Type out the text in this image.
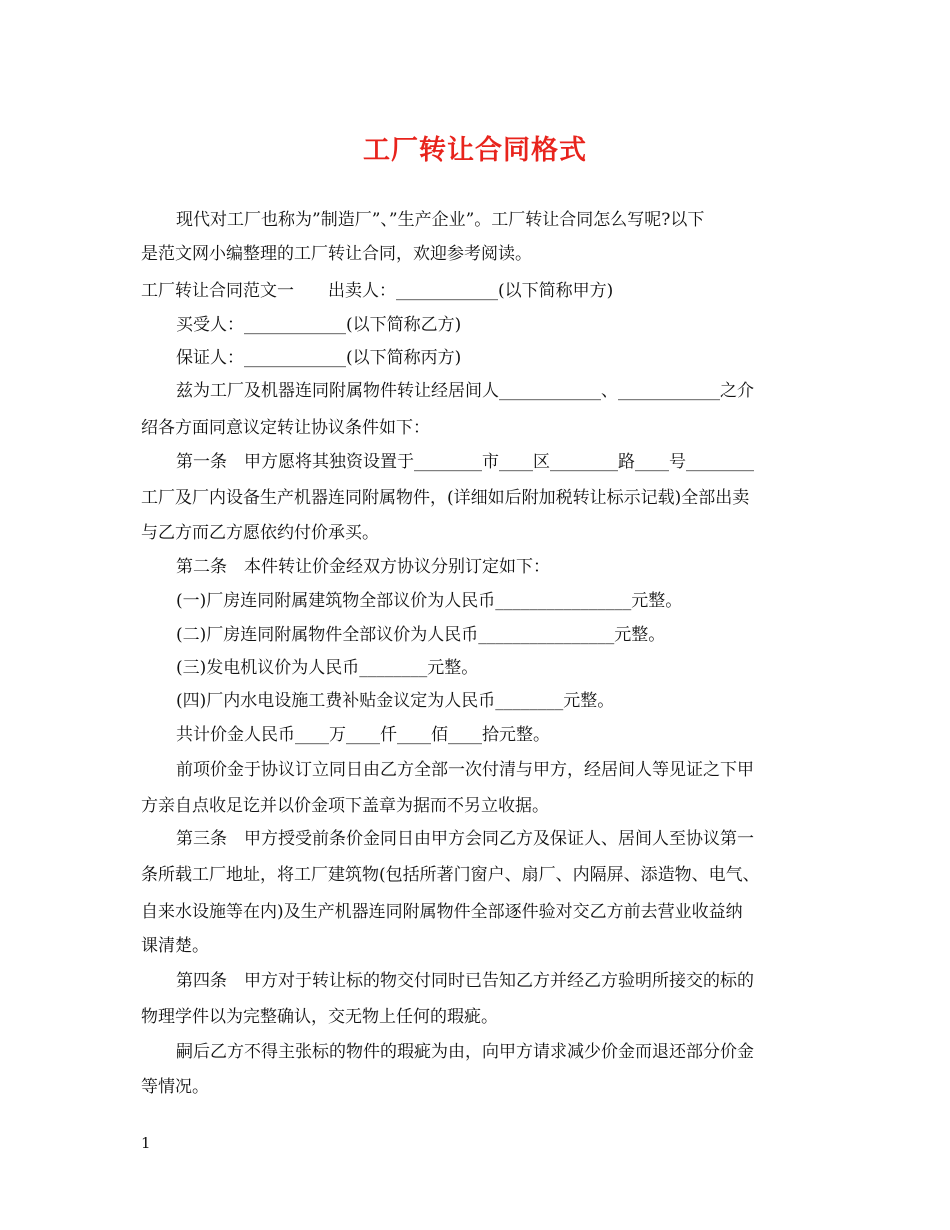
工厂转让合同格式
现代对工厂也称为”制造厂”、”生产企业”。工厂转让合同怎么写呢?以下
是范文网小编整理的工厂转让合同，欢迎参考阅读。
工厂转让合同范文一　　出卖人：____________(以下简称甲方)
买受人：____________(以下简称乙方)
保证人：____________(以下简称丙方)
兹为工厂及机器连同附属物件转让经居间人____________、____________之介
绍各方面同意议定转让协议条件如下：
第一条　甲方愿将其独资设置于________市____区________路____号________
工厂及厂内设备生产机器连同附属物件，(详细如后附加税转让标示记载)全部出卖
与乙方而乙方愿依约付价承买。
第二条　本件转让价金经双方协议分别订定如下：
(一)厂房连同附属建筑物全部议价为人民币________________元整。
(二)厂房连同附属物件全部议价为人民币________________元整。
(三)发电机议价为人民币________元整。
(四)厂内水电设施工费补贴金议定为人民币________元整。
共计价金人民币____万____仟____佰____拾元整。
前项价金于协议订立同日由乙方全部一次付清与甲方，经居间人等见证之下甲
方亲自点收足讫并以价金项下盖章为据而不另立收据。
第三条　甲方授受前条价金同日由甲方会同乙方及保证人、居间人至协议第一
条所载工厂地址，将工厂建筑物(包括所著门窗户、扇厂、内隔屏、添造物、电气、
自来水设施等在内)及生产机器连同附属物件全部逐件验对交乙方前去营业收益纳
课清楚。
第四条　甲方对于转让标的物交付同时已告知乙方并经乙方验明所接交的标的
物理学件以为完整确认，交无物上任何的瑕疵。
嗣后乙方不得主张标的物件的瑕疵为由，向甲方请求减少价金而退还部分价金
等情况。
1
